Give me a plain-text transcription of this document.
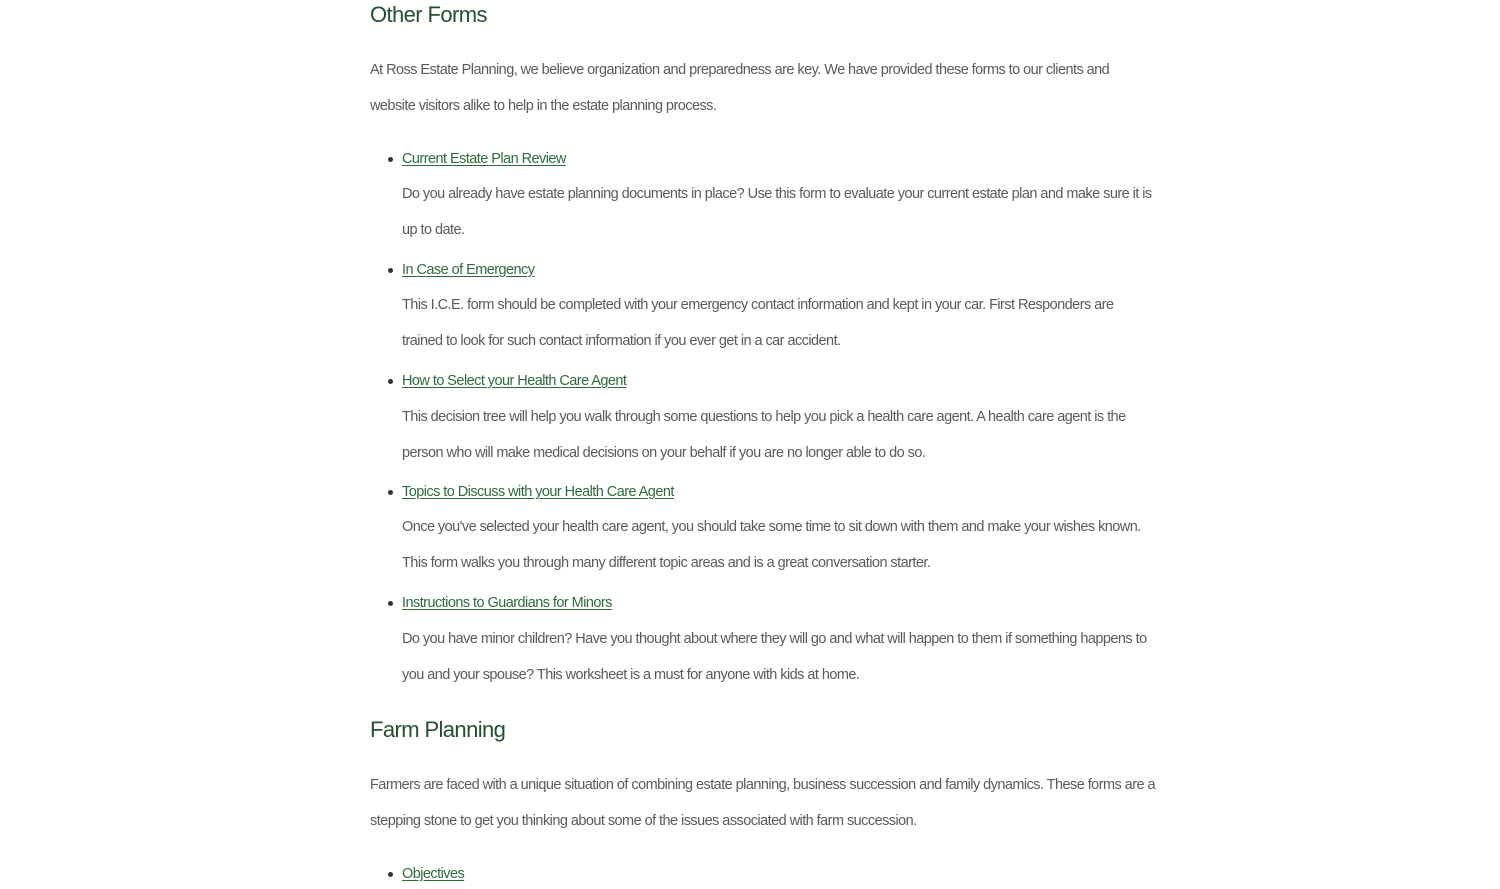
Other Forms
At Ross Estate Planning, we believe organization and preparedness are key. We have provided these forms to our clients and
website visitors alike to help in the estate planning process.
Current Estate Plan Review
Do you already have estate planning documents in place? Use this form to evaluate your current estate plan and make sure it is
up to date.
In Case of Emergency
This I.C.E. form should be completed with your emergency contact information and kept in your car. First Responders are
trained to look for such contact information if you ever get in a car accident.
How to Select your Health Care Agent
This decision tree will help you walk through some questions to help you pick a health care agent. A health care agent is the
person who will make medical decisions on your behalf if you are no longer able to do so.
Topics to Discuss with your Health Care Agent
Once you've selected your health care agent, you should take some time to sit down with them and make your wishes known.
This form walks you through many different topic areas and is a great conversation starter.
Instructions to Guardians for Minors
Do you have minor children? Have you thought about where they will go and what will happen to them if something happens to
you and your spouse? This worksheet is a must for anyone with kids at home.
Farm Planning
Farmers are faced with a unique situation of combining estate planning, business succession and family dynamics. These forms are a
stepping stone to get you thinking about some of the issues associated with farm succession.
Objectives
